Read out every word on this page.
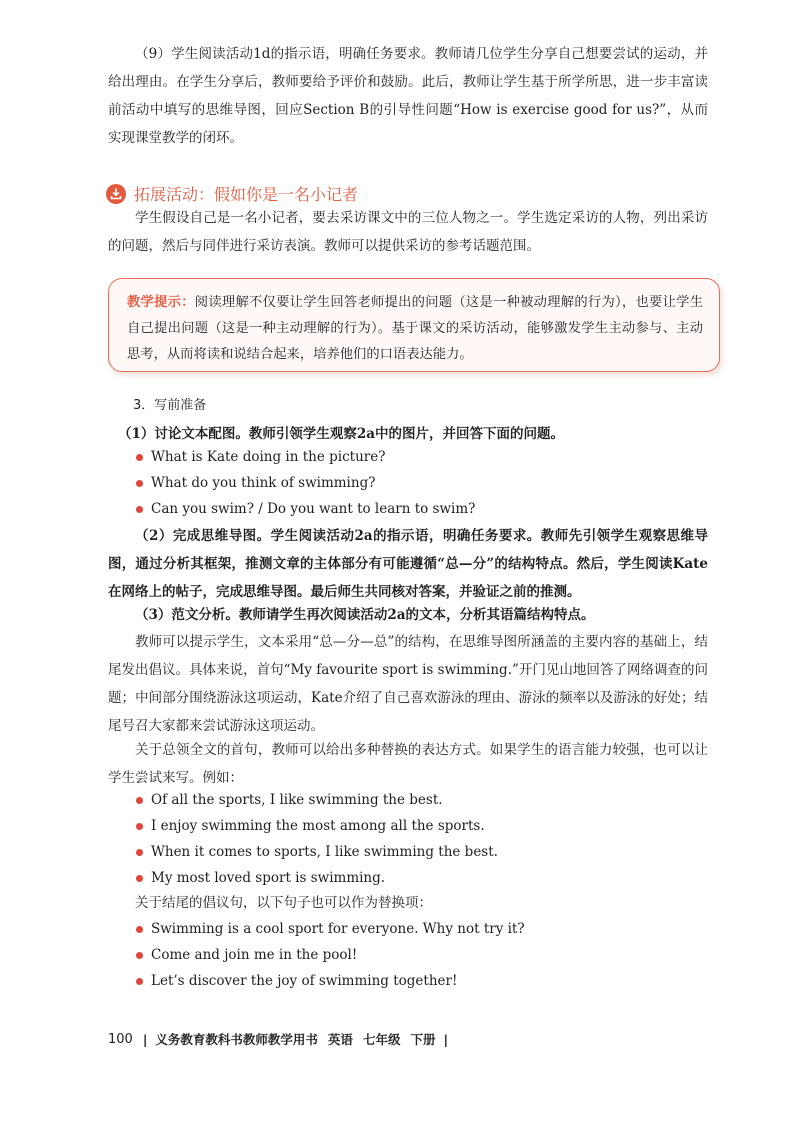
（9）学生阅读活动1d的指示语，明确任务要求。教师请几位学生分享自己想要尝试的运动，并给出理由。在学生分享后，教师要给予评价和鼓励。此后，教师让学生基于所学所思，进一步丰富读前活动中填写的思维导图，回应Section B的引导性问题“How is exercise good for us?”，从而实现课堂教学的闭环。

拓展活动：假如你是一名小记者

学生假设自己是一名小记者，要去采访课文中的三位人物之一。学生选定采访的人物，列出采访的问题，然后与同伴进行采访表演。教师可以提供采访的参考话题范围。

教学提示：阅读理解不仅要让学生回答老师提出的问题（这是一种被动理解的行为），也要让学生自己提出问题（这是一种主动理解的行为）。基于课文的采访活动，能够激发学生主动参与、主动思考，从而将读和说结合起来，培养他们的口语表达能力。

3．写前准备

（1）讨论文本配图。教师引领学生观察2a中的图片，并回答下面的问题。

What is Kate doing in the picture?
What do you think of swimming?
Can you swim? / Do you want to learn to swim?

（2）完成思维导图。学生阅读活动2a的指示语，明确任务要求。教师先引领学生观察思维导图，通过分析其框架，推测文章的主体部分有可能遵循“总—分”的结构特点。然后，学生阅读Kate在网络上的帖子，完成思维导图。最后师生共同核对答案，并验证之前的推测。

（3）范文分析。教师请学生再次阅读活动2a的文本，分析其语篇结构特点。

教师可以提示学生，文本采用“总—分—总”的结构，在思维导图所涵盖的主要内容的基础上，结尾发出倡议。具体来说，首句“My favourite sport is swimming.”开门见山地回答了网络调查的问题；中间部分围绕游泳这项运动，Kate介绍了自己喜欢游泳的理由、游泳的频率以及游泳的好处；结尾号召大家都来尝试游泳这项运动。

关于总领全文的首句，教师可以给出多种替换的表达方式。如果学生的语言能力较强，也可以让学生尝试来写。例如：

Of all the sports, I like swimming the best.
I enjoy swimming the most among all the sports.
When it comes to sports, I like swimming the best.
My most loved sport is swimming.

关于结尾的倡议句，以下句子也可以作为替换项：

Swimming is a cool sport for everyone. Why not try it?
Come and join me in the pool!
Let’s discover the joy of swimming together!
100 | 义务教育教科书教师教学用书 英语 七年级 下册 |
